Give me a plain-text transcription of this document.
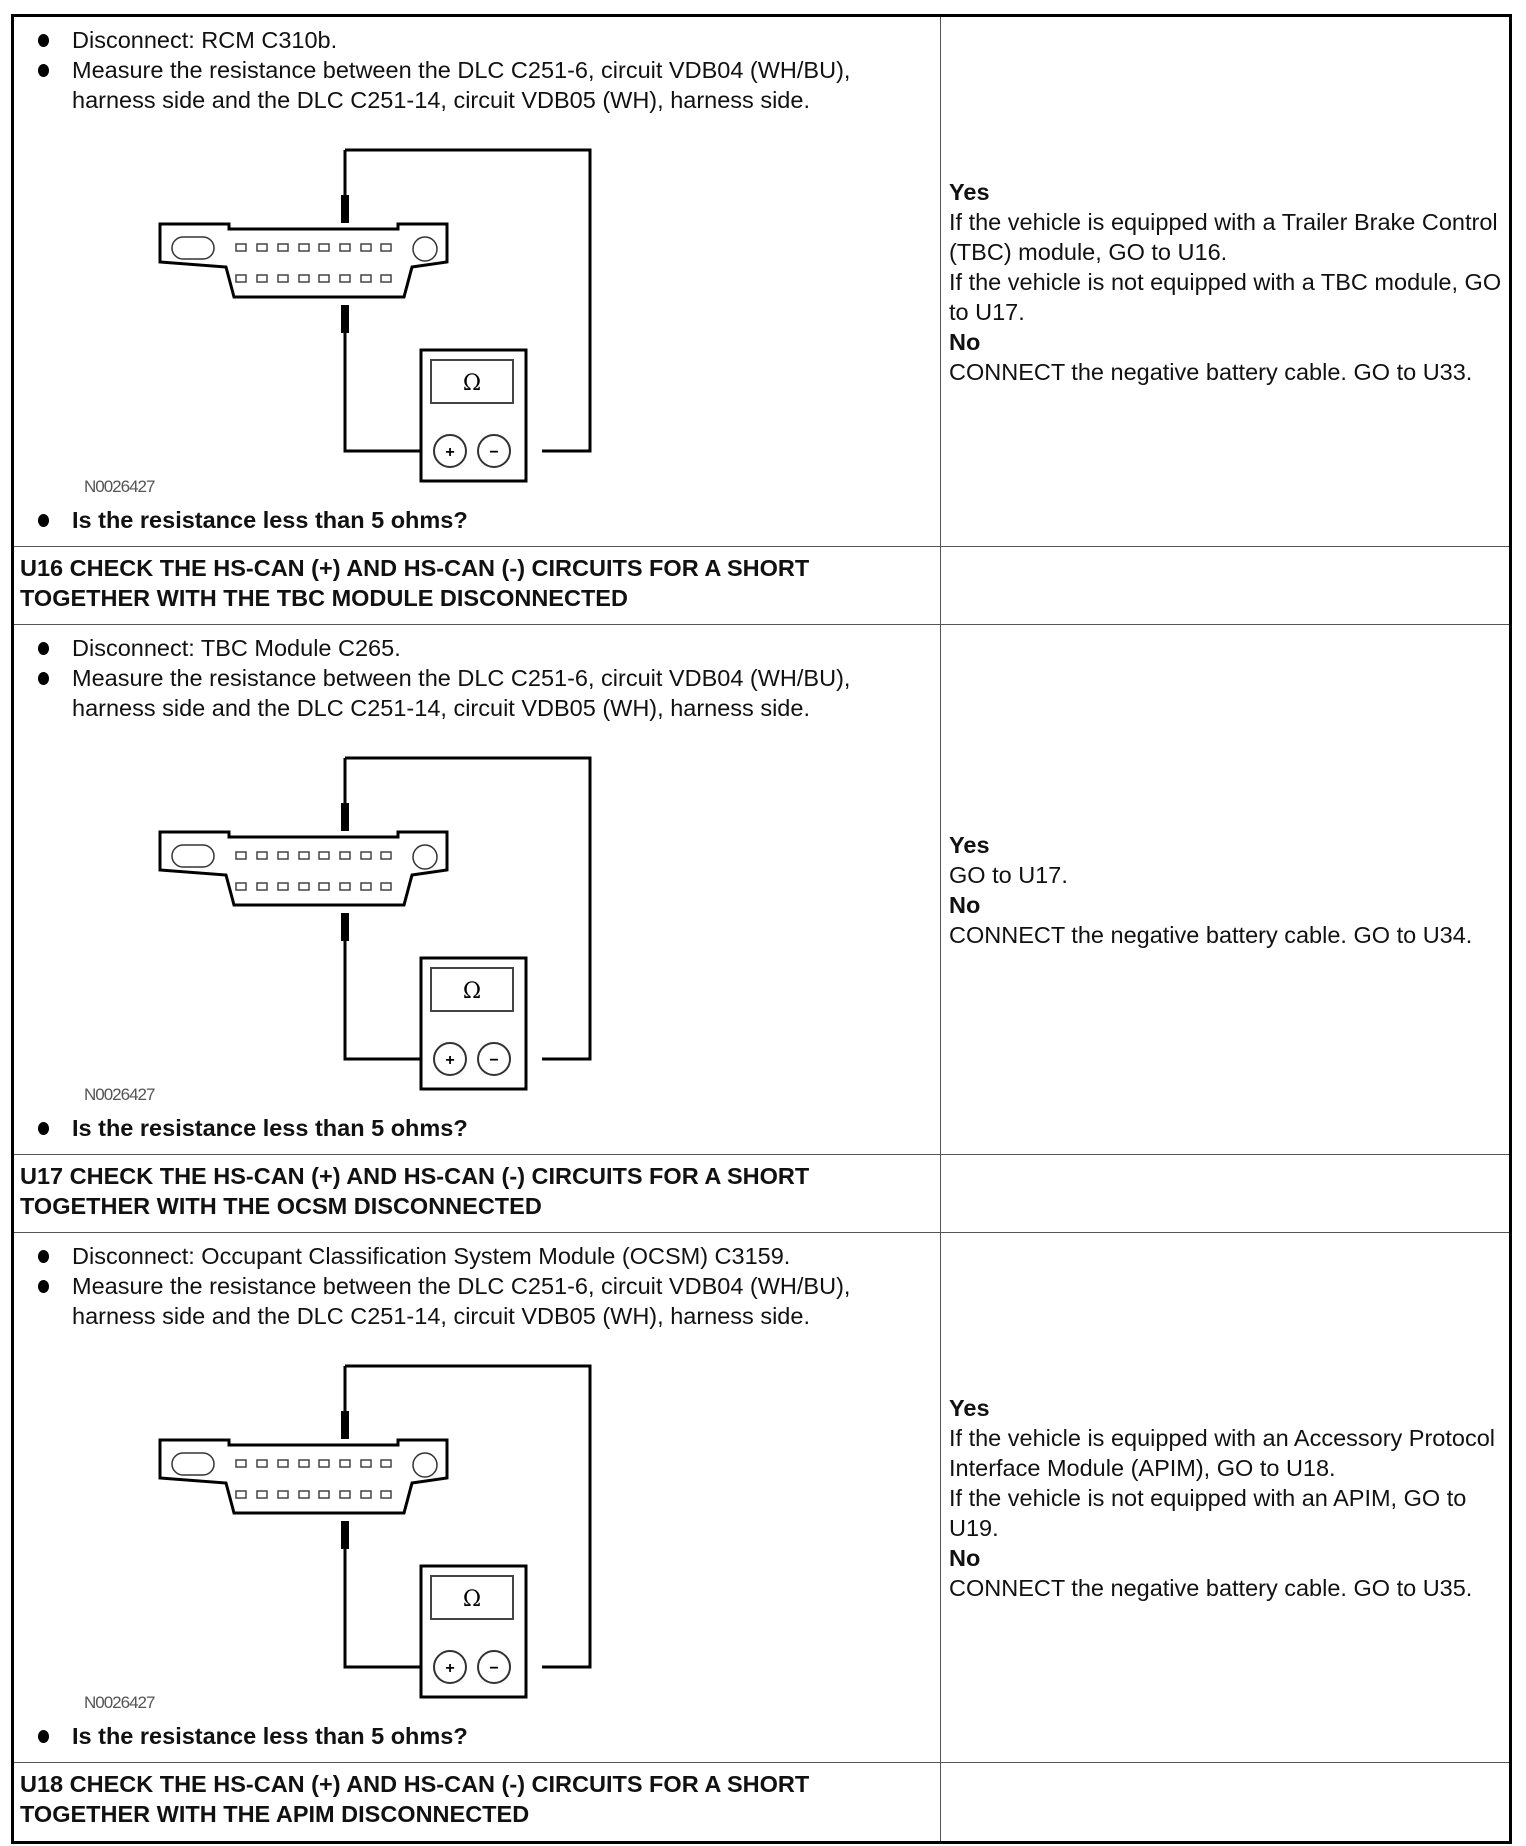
Disconnect: RCM C310b.
Measure the resistance between the DLC C251-6, circuit VDB04 (WH/BU), harness side and the DLC C251-14, circuit VDB05 (WH), harness side.
Ω
+ −
N0026427
Is the resistance less than 5 ohms?
Yes
If the vehicle is equipped with a Trailer Brake Control (TBC) module, GO to U16.
If the vehicle is not equipped with a TBC module, GO to U17.
No
CONNECT the negative battery cable. GO to U33.
U16 CHECK THE HS-CAN (+) AND HS-CAN (-) CIRCUITS FOR A SHORT TOGETHER WITH THE TBC MODULE DISCONNECTED
Disconnect: TBC Module C265.
Measure the resistance between the DLC C251-6, circuit VDB04 (WH/BU), harness side and the DLC C251-14, circuit VDB05 (WH), harness side.
Ω
+ −
N0026427
Is the resistance less than 5 ohms?
Yes
GO to U17.
No
CONNECT the negative battery cable. GO to U34.
U17 CHECK THE HS-CAN (+) AND HS-CAN (-) CIRCUITS FOR A SHORT TOGETHER WITH THE OCSM DISCONNECTED
Disconnect: Occupant Classification System Module (OCSM) C3159.
Measure the resistance between the DLC C251-6, circuit VDB04 (WH/BU), harness side and the DLC C251-14, circuit VDB05 (WH), harness side.
Ω
+ −
N0026427
Is the resistance less than 5 ohms?
Yes
If the vehicle is equipped with an Accessory Protocol Interface Module (APIM), GO to U18.
If the vehicle is not equipped with an APIM, GO to U19.
No
CONNECT the negative battery cable. GO to U35.
U18 CHECK THE HS-CAN (+) AND HS-CAN (-) CIRCUITS FOR A SHORT TOGETHER WITH THE APIM DISCONNECTED
